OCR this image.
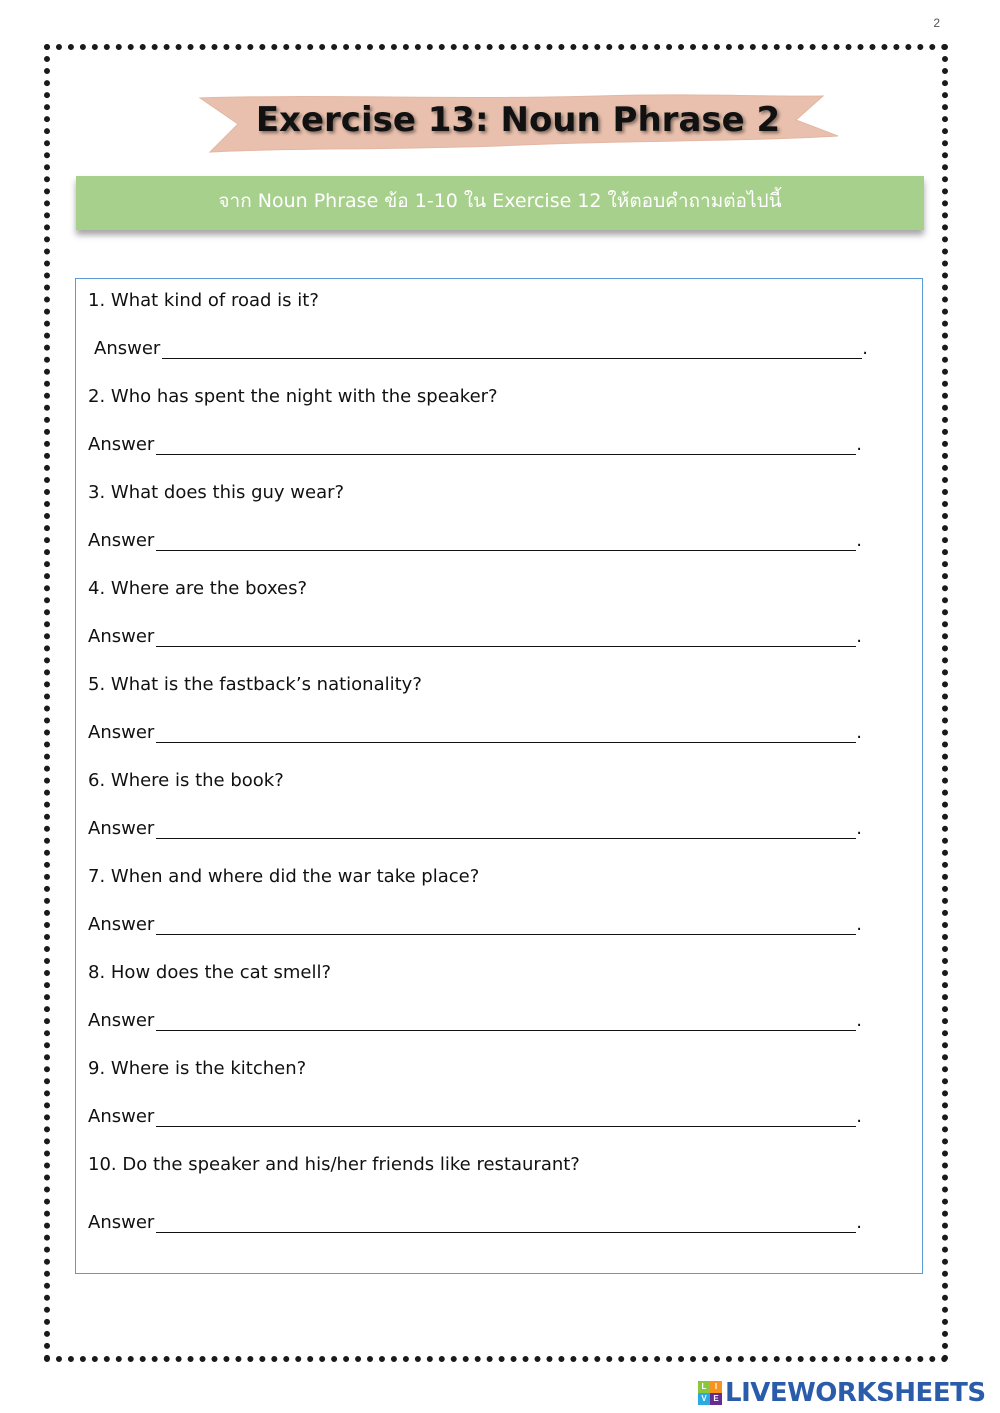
2
Exercise 13: Noun Phrase 2
จาก Noun Phrase ข้อ 1-10 ใน Exercise 12 ให้ตอบคำถามต่อไปนี้
1. What kind of road is it?
Answer	.
2. Who has spent the night with the speaker?
Answer	.
3. What does this guy wear?
Answer	.
4. Where are the boxes?
Answer	.
5. What is the fastback’s nationality?
Answer	.
6. Where is the book?
Answer	.
7. When and where did the war take place?
Answer	.
8. How does the cat smell?
Answer	.
9. Where is the kitchen?
Answer	.
10. Do the speaker and his/her friends like restaurant?
Answer	.
L	I
V E LIVEWORKSHEETS
